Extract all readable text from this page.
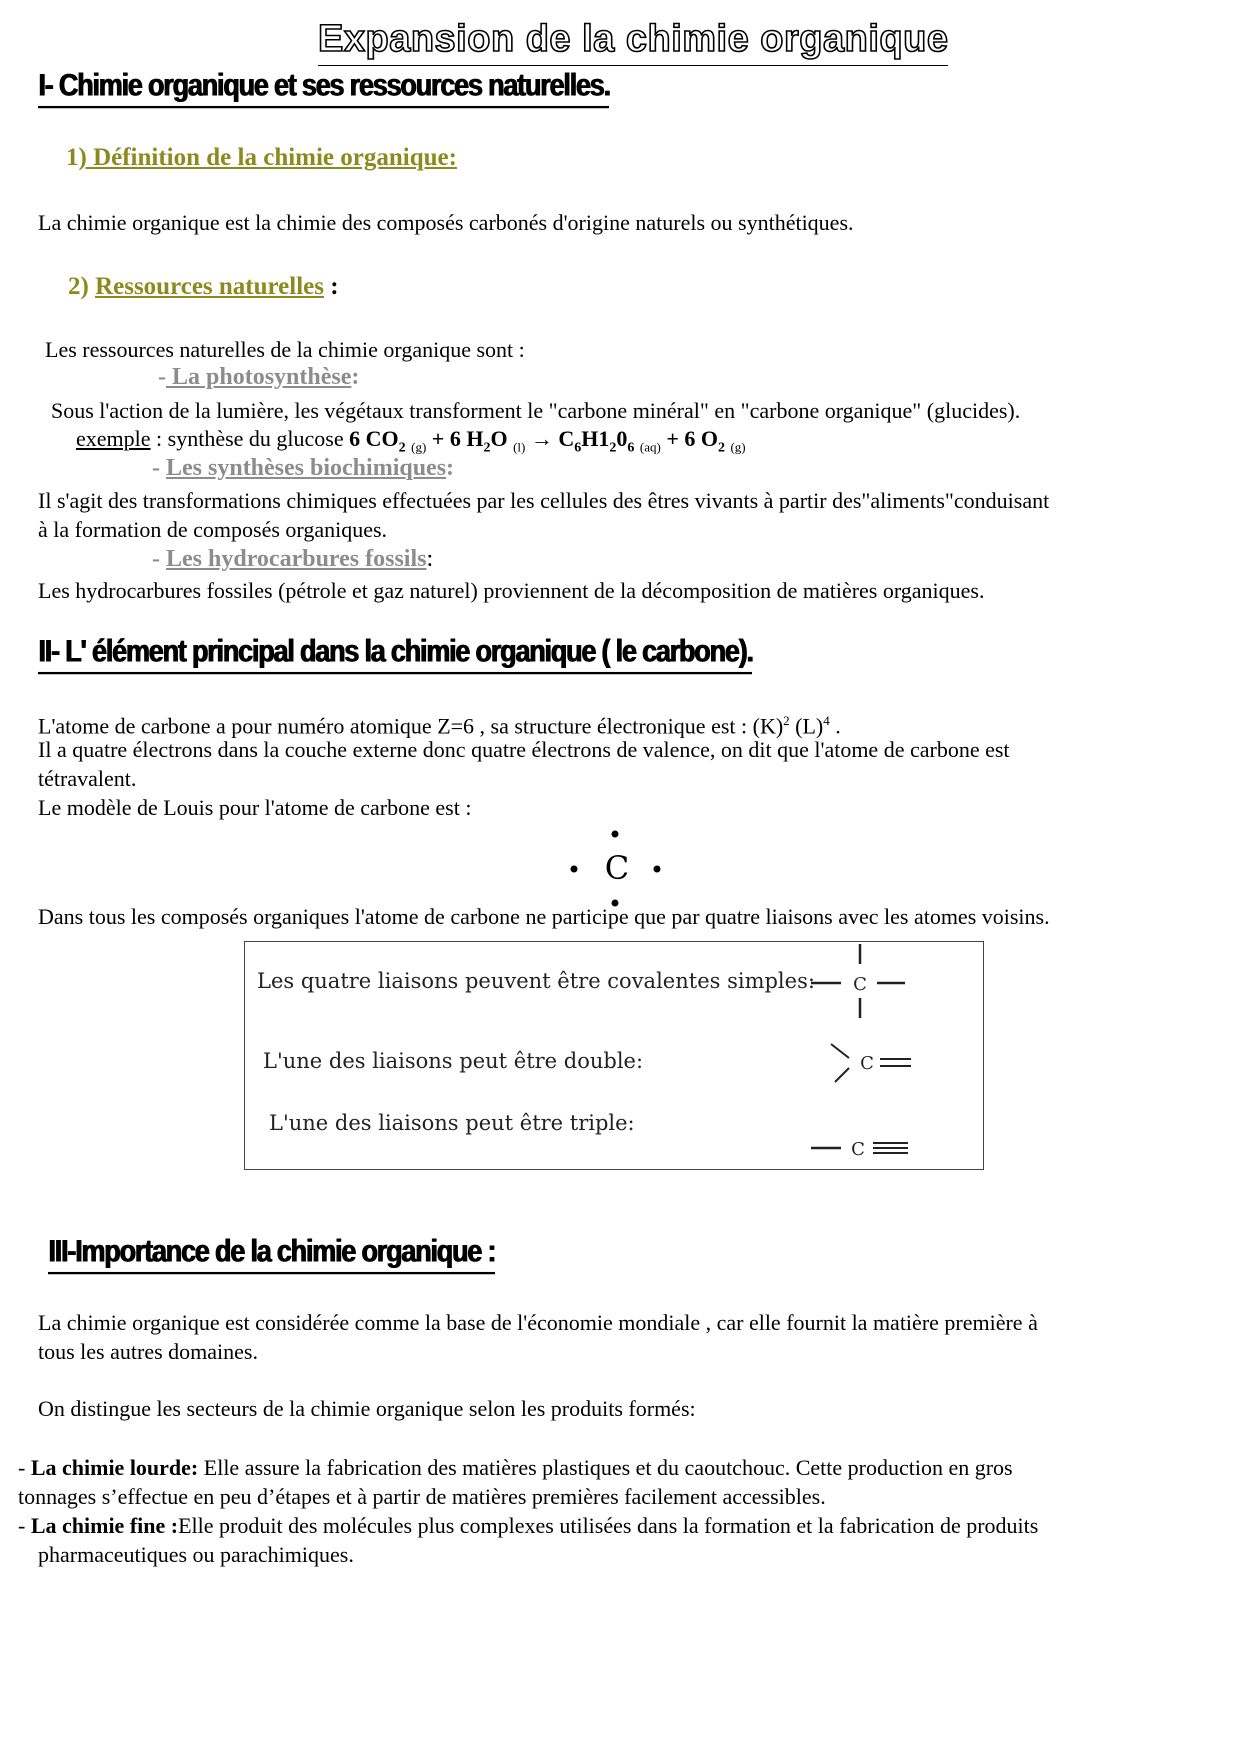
Expansion de la chimie organique
I- Chimie organique et ses ressources naturelles.
1) Définition de la chimie organique:
La chimie organique est la chimie des composés carbonés d'origine naturels ou synthétiques.
2) Ressources naturelles :
Les ressources naturelles de la chimie organique sont :
- La photosynthèse:
Sous l'action de la lumière, les végétaux transforment le "carbone minéral" en "carbone organique" (glucides).
exemple : synthèse du glucose 6 $CO_2$ $_{(g)}$ + 6 $H_2O$ $_{(l)} \to C_6H1_20_6$ $_{(aq)}$ + 6 $O_2$ $_{(g)}$
- Les synthèses biochimiques:
Il s'agit des transformations chimiques effectuées par les cellules des êtres vivants à partir des"aliments"conduisant
à la formation de composés organiques.
- Les hydrocarbures fossils:
Les hydrocarbures fossiles (pétrole et gaz naturel) proviennent de la décomposition de matières organiques.
II- L' élément principal dans la chimie organique ( le carbone).
L'atome de carbone a pour numéro atomique Z=6 , sa structure électronique est : $(K)^2$ $(L)^4$ .
Il a quatre électrons dans la couche externe donc quatre électrons de valence, on dit que l'atome de carbone est
tétravalent.
Le modèle de Louis pour l'atome de carbone est :
C
Dans tous les composés organiques l'atome de carbone ne participe que par quatre liaisons avec les atomes voisins.
Les quatre liaisons peuvent être covalentes simples:
L'une des liaisons peut être double:
L'une des liaisons peut être triple:
C
C
C
III-Importance de la chimie organique :
La chimie organique est considérée comme la base de l'économie mondiale , car elle fournit la matière première à
tous les autres domaines.
On distingue les secteurs de la chimie organique selon les produits formés:
- La chimie lourde: Elle assure la fabrication des matières plastiques et du caoutchouc. Cette production en gros
tonnages s’effectue en peu d’étapes et à partir de matières premières facilement accessibles.
- La chimie fine :Elle produit des molécules plus complexes utilisées dans la formation et la fabrication de produits
pharmaceutiques ou parachimiques.
